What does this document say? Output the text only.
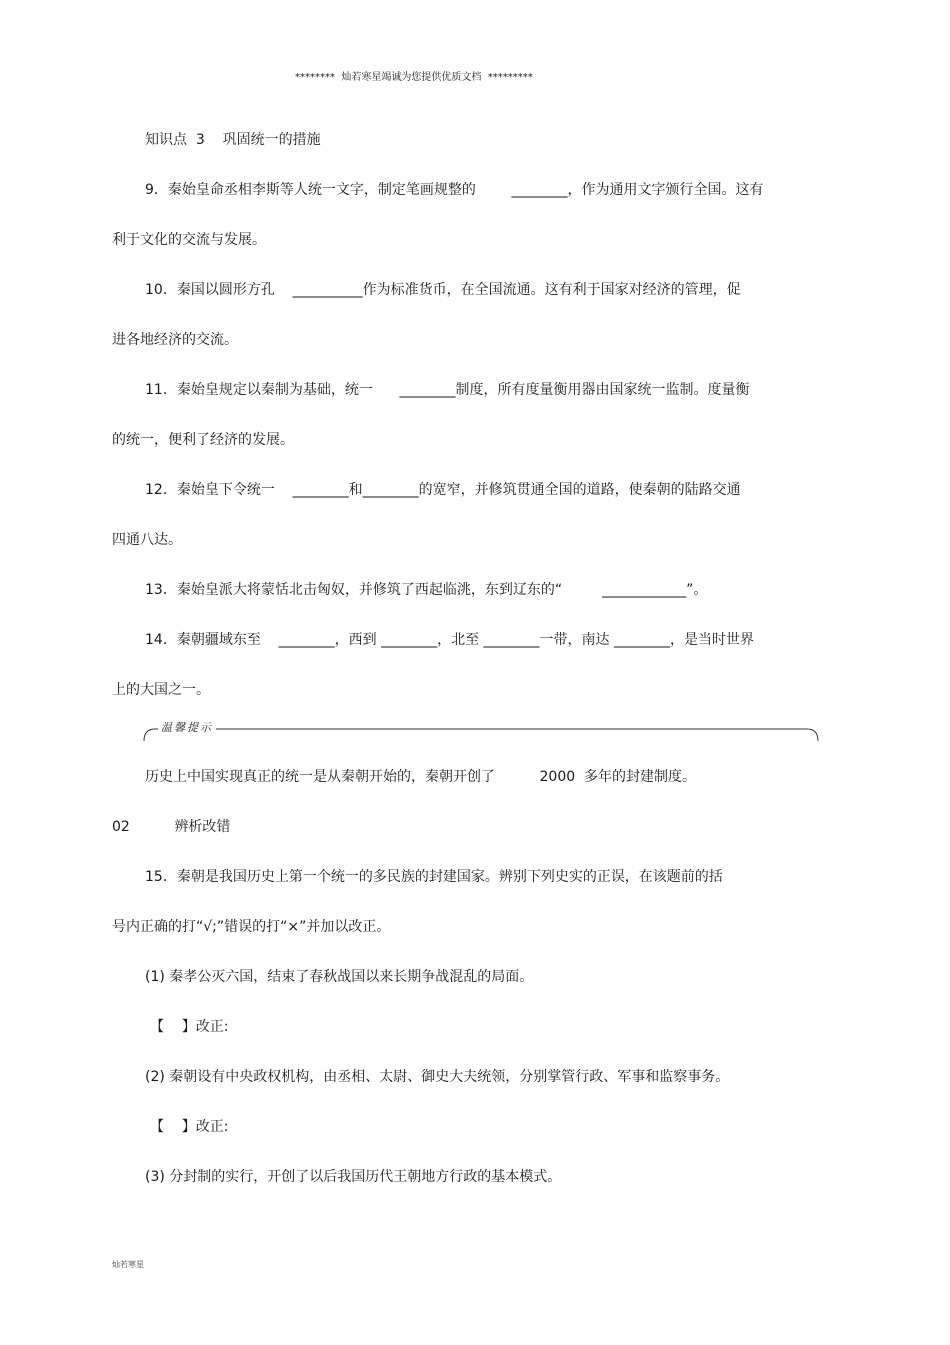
********  灿若寒星竭诚为您提供优质文档  *********
知识点  3    巩固统一的措施
9．秦始皇命丞相李斯等人统一文字，制定笔画规整的        ________，作为通用文字颁行全国。这有
利于文化的交流与发展。
10．秦国以圆形方孔    __________作为标准货币，在全国流通。这有利于国家对经济的管理，促
进各地经济的交流。
11．秦始皇规定以秦制为基础，统一      ________制度，所有度量衡用器由国家统一监制。度量衡
的统一，便利了经济的发展。
12．秦始皇下令统一    ________和________的宽窄，并修筑贯通全国的道路，使秦朝的陆路交通
四通八达。
13．秦始皇派大将蒙恬北击匈奴，并修筑了西起临洮，东到辽东的“         ____________”。
14．秦朝疆域东至    ________，西到 ________，北至 ________一带，南达 ________，是当时世界
上的大国之一。
温馨提示
历史上中国实现真正的统一是从秦朝开始的，秦朝开创了          2000  多年的封建制度。
02          辨析改错
15．秦朝是我国历史上第一个统一的多民族的封建国家。辨别下列史实的正误，在该题前的括
号内正确的打“√;”错误的打“×”并加以改正。
(1) 秦孝公灭六国，结束了春秋战国以来长期争战混乱的局面。
【    】改正:
(2) 秦朝设有中央政权机构，由丞相、太尉、御史大夫统领，分别掌管行政、军事和监察事务。
【    】改正:
(3) 分封制的实行，开创了以后我国历代王朝地方行政的基本模式。
灿若寒星
